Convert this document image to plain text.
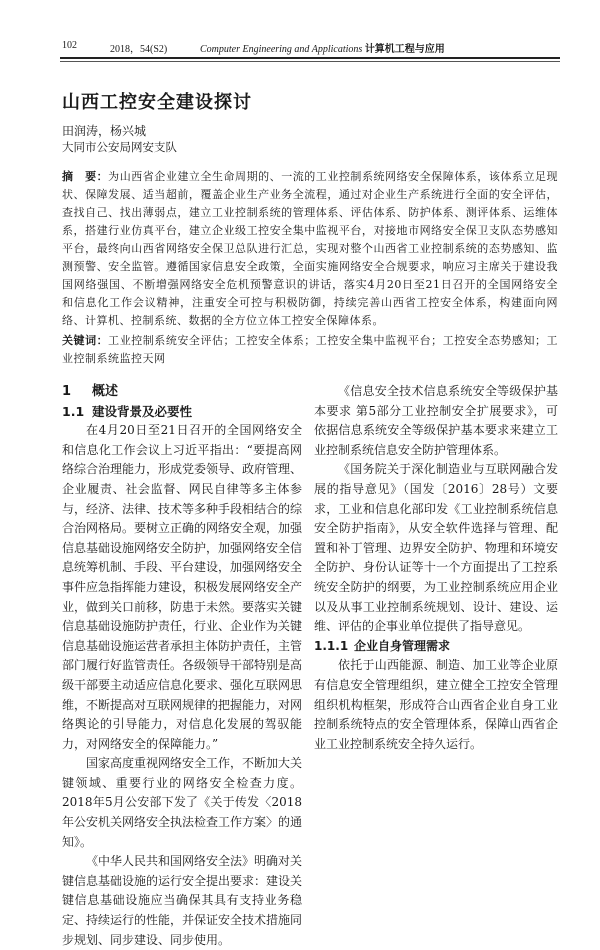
102	2018，54(S2)	Computer Engineering and Applications 计算机工程与应用
山西工控安全建设探讨
田润涛，杨兴城
大同市公安局网安支队
摘　要：为山西省企业建立全生命周期的、一流的工业控制系统网络安全保障体系，该体系立足现状、保障发展、适当超前，覆盖企业生产业务全流程，通过对企业生产系统进行全面的安全评估，查找自己、找出薄弱点，建立工业控制系统的管理体系、评估体系、防护体系、测评体系、运维体系，搭建行业仿真平台，建立企业级工控安全集中监视平台，对接地市网络安全保卫支队态势感知平台，最终向山西省网络安全保卫总队进行汇总，实现对整个山西省工业控制系统的态势感知、监测预警、安全监管。遵循国家信息安全政策，全面实施网络安全合规要求，响应习主席关于建设我国网络强国、不断增强网络安全危机预警意识的讲话，落实4月20日至21日召开的全国网络安全和信息化工作会议精神，注重安全可控与积极防御，持续完善山西省工控安全体系，构建面向网络、计算机、控制系统、数据的全方位立体工控安全保障体系。
关键词：工业控制系统安全评估；工控安全体系；工控安全集中监视平台；工控安全态势感知；工业控制系统监控天网
1 概述
1.1 建设背景及必要性

在4月20日至21日召开的全国网络安全和信息化工作会议上习近平指出：“要提高网络综合治理能力，形成党委领导、政府管理、企业履责、社会监督、网民自律等多主体参与，经济、法律、技术等多种手段相结合的综合治网格局。要树立正确的网络安全观，加强信息基础设施网络安全防护，加强网络安全信息统筹机制、手段、平台建设，加强网络安全事件应急指挥能力建设，积极发展网络安全产业，做到关口前移，防患于未然。要落实关键信息基础设施防护责任，行业、企业作为关键信息基础设施运营者承担主体防护责任，主管部门履行好监管责任。各级领导干部特别是高级干部要主动适应信息化要求、强化互联网思维，不断提高对互联网规律的把握能力，对网络舆论的引导能力，对信息化发展的驾驭能力，对网络安全的保障能力。”

国家高度重视网络安全工作，不断加大关键领域、重要行业的网络安全检查力度。2018年5月公安部下发了《关于传发〈2018年公安机关网络安全执法检查工作方案〉的通知》。

《中华人民共和国网络安全法》明确对关键信息基础设施的运行安全提出要求：建设关键信息基础设施应当确保其具有支持业务稳定、持续运行的性能，并保证安全技术措施同步规划、同步建设、同步使用。

《信息安全技术信息系统安全等级保护基本要求 第5部分工业控制安全扩展要求》，可依据信息系统安全等级保护基本要求来建立工业控制系统信息安全防护管理体系。

《国务院关于深化制造业与互联网融合发展的指导意见》（国发〔2016〕28号）文要求，工业和信息化部印发《工业控制系统信息安全防护指南》，从安全软件选择与管理、配置和补丁管理、边界安全防护、物理和环境安全防护、身份认证等十一个方面提出了工控系统安全防护的纲要，为工业控制系统应用企业以及从事工业控制系统规划、设计、建设、运维、评估的企事业单位提供了指导意见。

1.1.1 企业自身管理需求

依托于山西能源、制造、加工业等企业原有信息安全管理组织，建立健全工控安全管理组织机构框架，形成符合山西省企业自身工业控制系统特点的安全管理体系，保障山西省企业工业控制系统安全持久运行。
